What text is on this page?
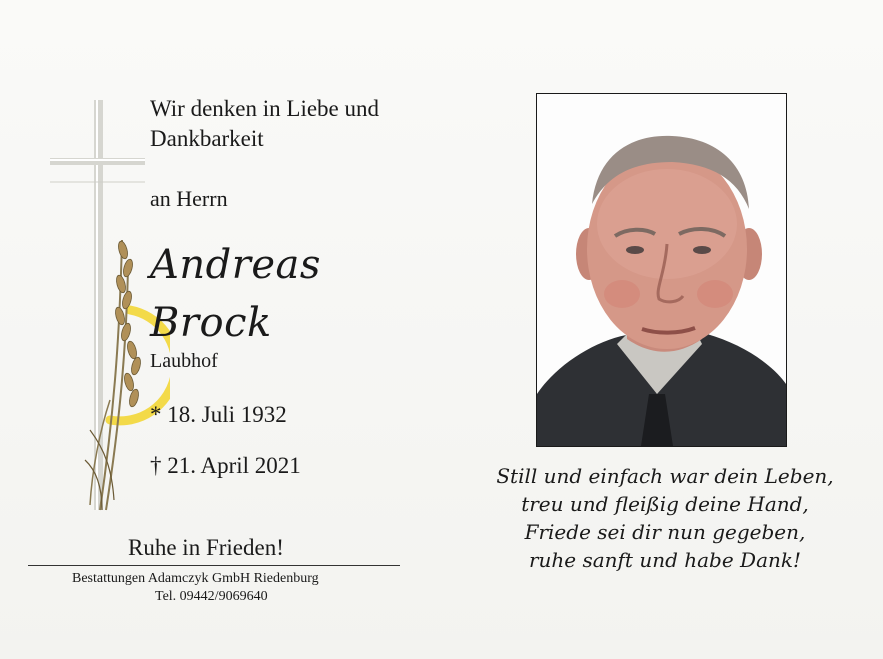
Wir denken in Liebe und
Dankbarkeit
an Herrn
Andreas
Brock
Laubhof
* 18. Juli 1932
† 21. April 2021
Ruhe in Frieden!
Bestattungen Adamczyk GmbH Riedenburg
Tel. 09442/9069640
Still und einfach war dein Leben,
treu und fleißig deine Hand,
Friede sei dir nun gegeben,
ruhe sanft und habe Dank!
